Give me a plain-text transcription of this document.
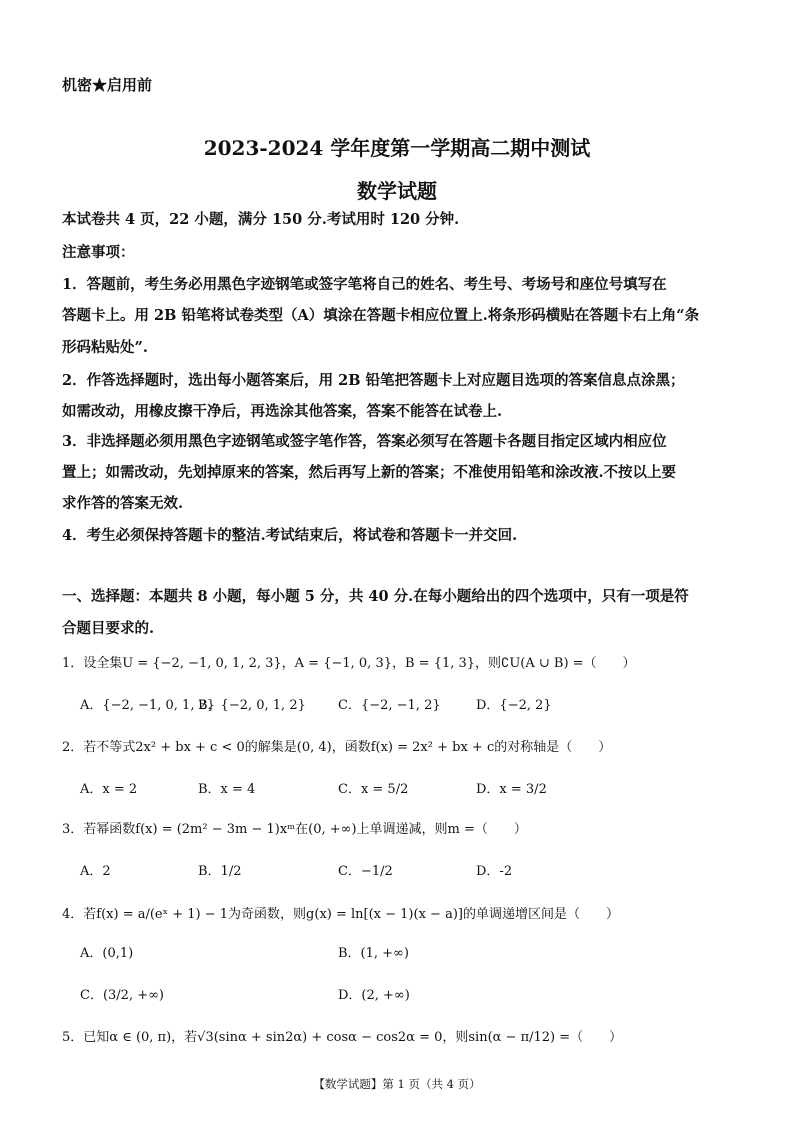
机密★启用前
2023-2024 学年度第一学期高二期中测试
数学试题
本试卷共 4 页，22 小题，满分 150 分.考试用时 120 分钟.
注意事项：
1．答题前，考生务必用黑色字迹钢笔或签字笔将自己的姓名、考生号、考场号和座位号填写在
答题卡上。用 2B 铅笔将试卷类型（A）填涂在答题卡相应位置上.将条形码横贴在答题卡右上角“条
形码粘贴处”.
2．作答选择题时，选出每小题答案后，用 2B 铅笔把答题卡上对应题目选项的答案信息点涂黑；
如需改动，用橡皮擦干净后，再选涂其他答案，答案不能答在试卷上.
3．非选择题必须用黑色字迹钢笔或签字笔作答，答案必须写在答题卡各题目指定区域内相应位
置上；如需改动，先划掉原来的答案，然后再写上新的答案；不准使用铅笔和涂改液.不按以上要
求作答的答案无效.
4．考生必须保持答题卡的整洁.考试结束后，将试卷和答题卡一并交回.
一、选择题：本题共 8 小题，每小题 5 分，共 40 分.在每小题给出的四个选项中，只有一项是符
合题目要求的.
1．设全集U = {−2, −1, 0, 1, 2, 3}，A = {−1, 0, 3}，B = {1, 3}，则∁U(A ∪ B) =（　　）
A．{−2, −1, 0, 1, 2}
B．{−2, 0, 1, 2} C．{−2, −1, 2}	D．{−2, 2}
2．若不等式2x² + bx + c < 0的解集是(0, 4)，函数f(x) = 2x² + bx + c的对称轴是（　　）
A．x = 2	B．x = 4	C．x = 5/2	D．x = 3/2
3．若幂函数f(x) = (2m² − 3m − 1)xᵐ在(0, +∞)上单调递减，则m =（　　）
A．2	B．1/2	C．−1/2	D．-2
4．若f(x) = a/(eˣ + 1) − 1为奇函数，则g(x) = ln[(x − 1)(x − a)]的单调递增区间是（　　）
A．(0,1)	B．(1, +∞)
C．(3/2, +∞)	D．(2, +∞)
5．已知α ∈ (0, π)，若√3(sinα + sin2α) + cosα − cos2α = 0，则sin(α − π/12) =（　　）
【数学试题】第 1 页（共 4 页）
